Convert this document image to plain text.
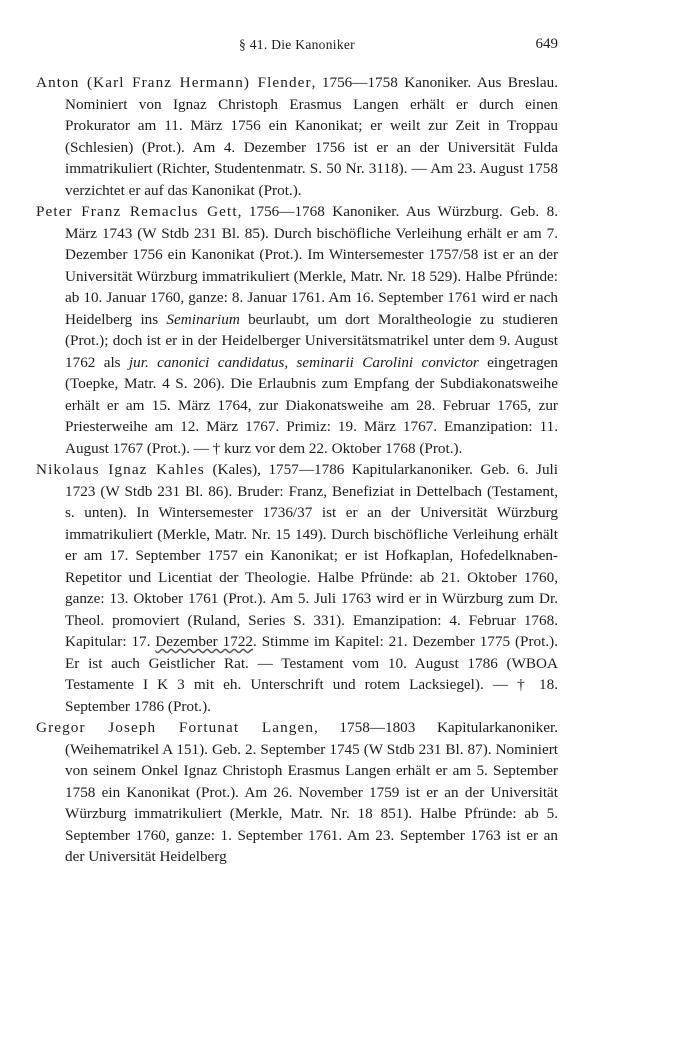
§ 41. Die Kanoniker	649

Anton (Karl Franz Hermann) Flender, 1756—1758 Kanoniker. Aus Breslau. Nominiert von Ignaz Christoph Erasmus Langen erhält er durch einen Prokurator am 11. März 1756 ein Kanonikat; er weilt zur Zeit in Troppau (Schlesien) (Prot.). Am 4. Dezember 1756 ist er an der Universität Fulda immatrikuliert (Richter, Studentenmatr. S. 50 Nr. 3118). — Am 23. August 1758 verzichtet er auf das Kanonikat (Prot.).

Peter Franz Remaclus Gett, 1756—1768 Kanoniker. Aus Würzburg. Geb. 8. März 1743 (W Stdb 231 Bl. 85). Durch bischöfliche Verleihung erhält er am 7. Dezember 1756 ein Kanonikat (Prot.). Im Wintersemester 1757/58 ist er an der Universität Würzburg immatrikuliert (Merkle, Matr. Nr. 18 529). Halbe Pfründe: ab 10. Januar 1760, ganze: 8. Januar 1761. Am 16. September 1761 wird er nach Heidelberg ins Seminarium beurlaubt, um dort Moraltheologie zu studieren (Prot.); doch ist er in der Heidelberger Universitätsmatrikel unter dem 9. August 1762 als jur. canonici candidatus, seminarii Carolini convictor eingetragen (Toepke, Matr. 4 S. 206). Die Erlaubnis zum Empfang der Subdiakonatsweihe erhält er am 15. März 1764, zur Diakonatsweihe am 28. Februar 1765, zur Priesterweihe am 12. März 1767. Primiz: 19. März 1767. Emanzipation: 11. August 1767 (Prot.). — † kurz vor dem 22. Oktober 1768 (Prot.).

Nikolaus Ignaz Kahles (Kales), 1757—1786 Kapitularkanoniker. Geb. 6. Juli 1723 (W Stdb 231 Bl. 86). Bruder: Franz, Benefiziat in Dettelbach (Testament, s. unten). In Wintersemester 1736/37 ist er an der Universität Würzburg immatrikuliert (Merkle, Matr. Nr. 15 149). Durch bischöfliche Verleihung erhält er am 17. September 1757 ein Kanonikat; er ist Hofkaplan, Hofedelknaben-Repetitor und Licentiat der Theologie. Halbe Pfründe: ab 21. Oktober 1760, ganze: 13. Oktober 1761 (Prot.). Am 5. Juli 1763 wird er in Würzburg zum Dr. Theol. promoviert (Ruland, Series S. 331). Emanzipation: 4. Februar 1768. Kapitular: 17. Dezember 1722. Stimme im Kapitel: 21. Dezember 1775 (Prot.). Er ist auch Geistlicher Rat. — Testament vom 10. August 1786 (WBOA Testamente I K 3 mit eh. Unterschrift und rotem Lacksiegel). — † 18. September 1786 (Prot.).

Gregor Joseph Fortunat Langen, 1758—1803 Kapitularkanoniker. (Weihematrikel A 151). Geb. 2. September 1745 (W Stdb 231 Bl. 87). Nominiert von seinem Onkel Ignaz Christoph Erasmus Langen erhält er am 5. September 1758 ein Kanonikat (Prot.). Am 26. November 1759 ist er an der Universität Würzburg immatrikuliert (Merkle, Matr. Nr. 18 851). Halbe Pfründe: ab 5. September 1760, ganze: 1. September 1761. Am 23. September 1763 ist er an der Universität Heidelberg
